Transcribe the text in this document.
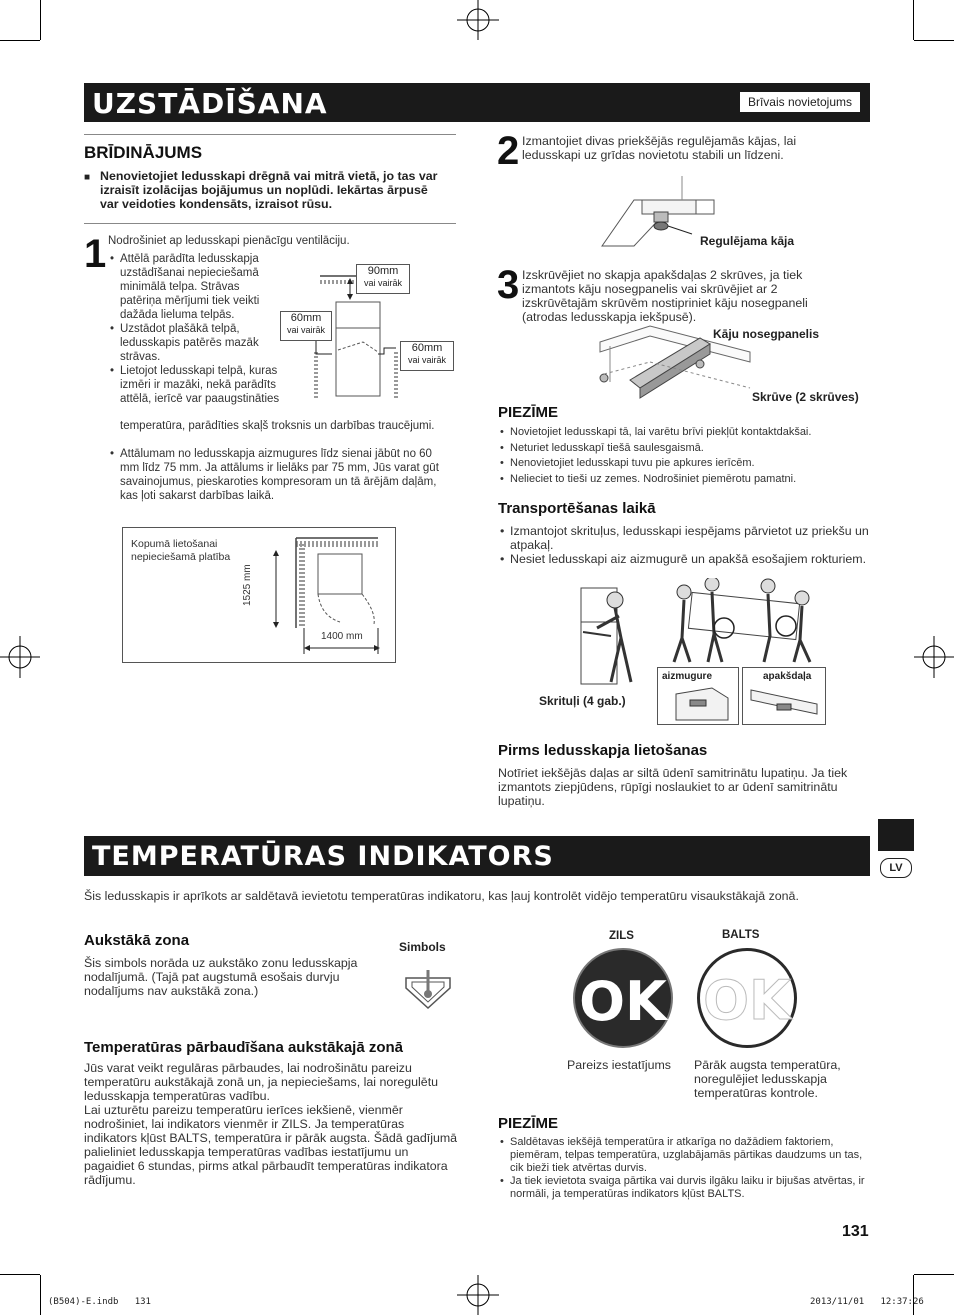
UZSTĀDĪŠANA	Brīvais novietojums
BRĪDINĀJUMS
■ Nenovietojiet ledusskapi drēgnā vai mitrā vietā, jo tas var izraisīt izolācijas bojājumus un noplūdi. Iekārtas ārpusē var veidoties kondensāts, izraisot rūsu.
1 Nodrošiniet ap ledusskapi pienācīgu ventilāciju.
• Attēlā parādīta ledusskapja uzstādīšanai nepieciešamā minimālā telpa. Strāvas patēriņa mērījumi tiek veikti dažāda lieluma telpās.
• Uzstādot plašākā telpā, ledusskapis patērēs mazāk strāvas.
• Lietojot ledusskapi telpā, kuras izmēri ir mazāki, nekā parādīts attēlā, ierīcē var paaugstināties
temperatūra, parādīties skaļš troksnis un darbības traucējumi.
• Attālumam no ledusskapja aizmugures līdz sienai jābūt no 60 mm līdz 75 mm. Ja attālums ir lielāks par 75 mm, Jūs varat gūt savainojumus, pieskaroties kompresoram un tā ārējām daļām, kas ļoti sakarst darbības laikā.
90mm
vai vairāk
60mm
vai vairāk
60mm
vai vairāk
Kopumā lietošanai
nepieciešamā platība
1525 mm
1400 mm
2 Izmantojiet divas priekšējās regulējamās kājas, lai ledusskapi uz grīdas novietotu stabili un līdzeni.
Regulējama kāja
3 Izskrūvējiet no skapja apakšdaļas 2 skrūves, ja tiek izmantots kāju nosegpanelis vai skrūvējiet ar 2 izskrūvētajām skrūvēm nostipriniet kāju nosegpaneli (atrodas ledusskapja iekšpusē).
Kāju nosegpanelis
Skrūve (2 skrūves)
PIEZĪME
• Novietojiet ledusskapi tā, lai varētu brīvi piekļūt kontaktdakšai.
• Neturiet ledusskapī tiešā saulesgaismā.
• Nenovietojiet ledusskapi tuvu pie apkures ierīcēm.
• Nelieciet to tieši uz zemes. Nodrošiniet piemērotu pamatni.
Transportēšanas laikā
• Izmantojot skrituļus, ledusskapi iespējams pārvietot uz priekšu un atpakaļ.
• Nesiet ledusskapi aiz aizmugurē un apakšā esošajiem rokturiem.
Skrituļi (4 gab.)
aizmugure	apakšdaļa
Pirms ledusskapja lietošanas
Notīriet iekšējās daļas ar siltā ūdenī samitrinātu lupatiņu. Ja tiek izmantots ziepjūdens, rūpīgi noslaukiet to ar ūdenī samitrinātu lupatiņu.
LV
TEMPERATŪRAS INDIKATORS
Šis ledusskapis ir aprīkots ar saldētavā ievietotu temperatūras indikatoru, kas ļauj kontrolēt vidējo temperatūru visaukstākajā zonā.
Aukstākā zona
Šis simbols norāda uz aukstāko zonu ledusskapja nodalījumā. (Tajā pat augstumā esošais durvju nodalījums nav aukstākā zona.)
Simbols
Temperatūras pārbaudīšana aukstākajā zonā
Jūs varat veikt regulāras pārbaudes, lai nodrošinātu pareizu temperatūru aukstākajā zonā un, ja nepieciešams, lai noregulētu ledusskapja temperatūras vadību.
Lai uzturētu pareizu temperatūru ierīces iekšienē, vienmēr nodrošiniet, lai indikators vienmēr ir ZILS. Ja temperatūras indikators kļūst BALTS, temperatūra ir pārāk augsta. Šādā gadījumā palieliniet ledusskapja temperatūras vadības iestatījumu un pagaidiet 6 stundas, pirms atkal pārbaudīt temperatūras indikatora rādījumu.
ZILS	BALTS
OK OK
Pareizs iestatījums Pārāk augsta temperatūra, noregulējiet ledusskapja temperatūras kontrole.
PIEZĪME
• Saldētavas iekšējā temperatūra ir atkarīga no dažādiem faktoriem, piemēram, telpas temperatūra, uzglabājamās pārtikas daudzums un tas, cik bieži tiek atvērtas durvis.
• Ja tiek ievietota svaiga pārtika vai durvis ilgāku laiku ir bijušas atvērtas, ir normāli, ja temperatūras indikators kļūst BALTS.
131
(B504)-E.indb   131	2013/11/01   12:37:26
